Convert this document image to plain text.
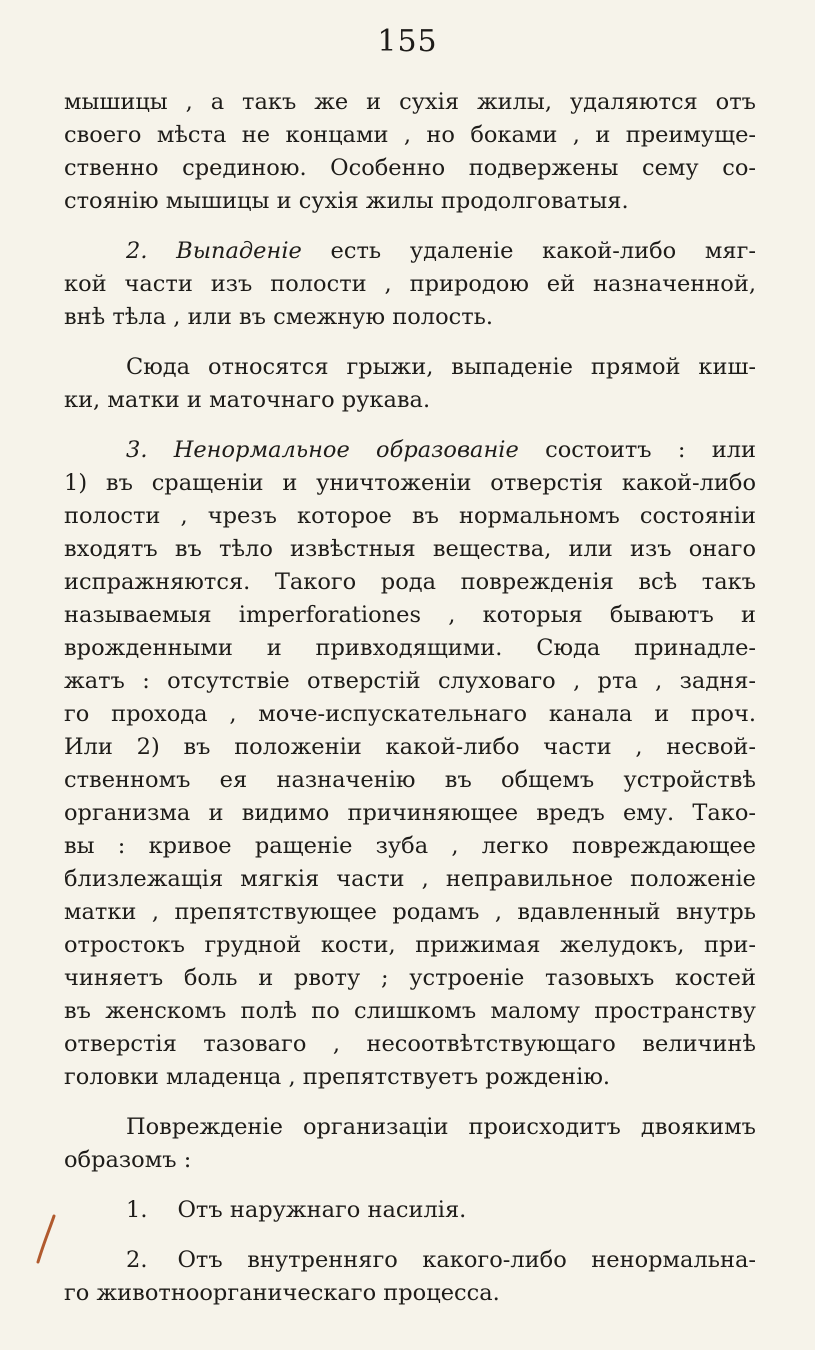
155
мышицы , а такъ же и сухія жилы, удаляются отъ
своего мѣста не концами , но боками , и преимуще-
ственно срединою. Особенно подвержены сему со-
стоянію мышицы и сухія жилы продолговатыя.
2. Выпаденіе есть удаленіе какой-либо мяг-
кой части изъ полости , природою ей назначенной,
внѣ тѣла , или въ смежную полость.
Сюда относятся грыжи, выпаденіе прямой киш-
ки, матки и маточнаго рукава.
3. Ненормальное образованіе состоитъ : или
1) въ сращеніи и уничтоженіи отверстія какой-либо
полости , чрезъ которое въ нормальномъ состояніи
входятъ въ тѣло извѣстныя вещества, или изъ онаго
испражняются. Такого рода поврежденія всѣ такъ
называемыя imperforationes , которыя бываютъ и
врожденными и привходящими. Сюда принадле-
жатъ : отсутствіе отверстій слуховаго , рта , задня-
го прохода , моче-испускательнаго канала и проч.
Или 2) въ положеніи какой-либо части , несвой-
ственномъ ея назначенію въ общемъ устройствѣ
организма и видимо причиняющее вредъ ему. Тако-
вы : кривое ращеніе зуба , легко повреждающее
близлежащія мягкія части , неправильное положеніе
матки , препятствующее родамъ , вдавленный внутрь
отростокъ грудной кости, прижимая желудокъ, при-
чиняетъ боль и рвоту ; устроеніе тазовыхъ костей
въ женскомъ полѣ по слишкомъ малому пространству
отверстія тазоваго , несоотвѣтствующаго величинѣ
головки младенца , препятствуетъ рожденію.
Поврежденіе организаціи происходитъ двоякимъ
образомъ :
1. Отъ наружнаго насилія.
2. Отъ внутренняго какого-либо ненормальна-
го животноорганическаго процесса.
